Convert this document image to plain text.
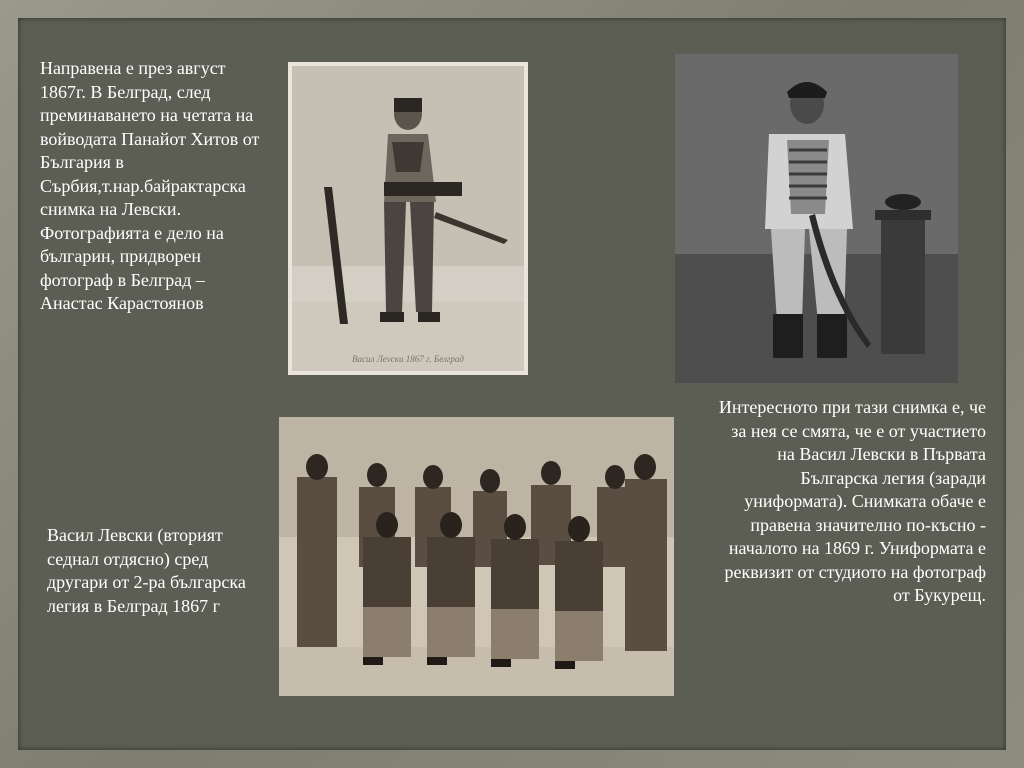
Направена е през август 1867г. В Белград, след преминаването на четата на войводата Панайот Хитов от България в Сърбия,т.нар.байрактарска снимка на Левски. Фотографията е дело на българин, придворен фотограф в Белград – Анастас Карастоянов
Васил Леvски 1867 г. Белград
Интересното при тази снимка е, че за нея се смята, че е от участието на Васил Левски в Първата Българска легия (заради униформата). Снимката обаче е правена значително по-късно - началото на 1869 г. Униформата е реквизит от студиото на фотограф от Букурещ.
Васил Левски (вторият седнал отдясно) сред другари от 2-ра българска легия в Белград 1867 г
